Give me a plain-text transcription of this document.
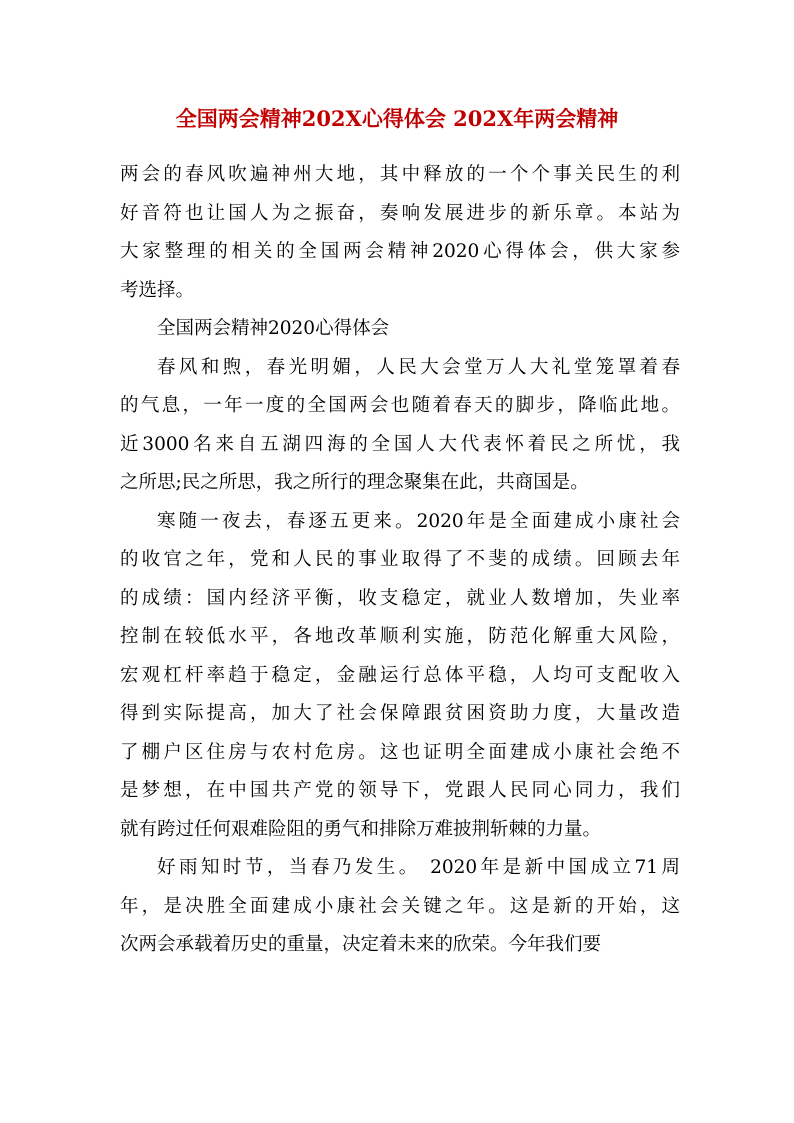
全国两会精神202X心得体会 202X年两会精神
两会的春风吹遍神州大地，其中释放的一个个事关民生的利
好音符也让国人为之振奋，奏响发展进步的新乐章。本站为
大家整理的相关的全国两会精神2020心得体会，供大家参
考选择。
全国两会精神2020心得体会
春风和煦，春光明媚，人民大会堂万人大礼堂笼罩着春
的气息，一年一度的全国两会也随着春天的脚步，降临此地。
近3000名来自五湖四海的全国人大代表怀着民之所忧，我
之所思;民之所思，我之所行的理念聚集在此，共商国是。
寒随一夜去，春逐五更来。2020年是全面建成小康社会
的收官之年，党和人民的事业取得了不斐的成绩。回顾去年
的成绩：国内经济平衡，收支稳定，就业人数增加，失业率
控制在较低水平，各地改革顺利实施，防范化解重大风险，
宏观杠杆率趋于稳定，金融运行总体平稳，人均可支配收入
得到实际提高，加大了社会保障跟贫困资助力度，大量改造
了棚户区住房与农村危房。这也证明全面建成小康社会绝不
是梦想，在中国共产党的领导下，党跟人民同心同力，我们
就有跨过任何艰难险阻的勇气和排除万难披荆斩棘的力量。
好雨知时节，当春乃发生。 2020年是新中国成立71周
年，是决胜全面建成小康社会关键之年。这是新的开始，这
次两会承载着历史的重量，决定着未来的欣荣。今年我们要
